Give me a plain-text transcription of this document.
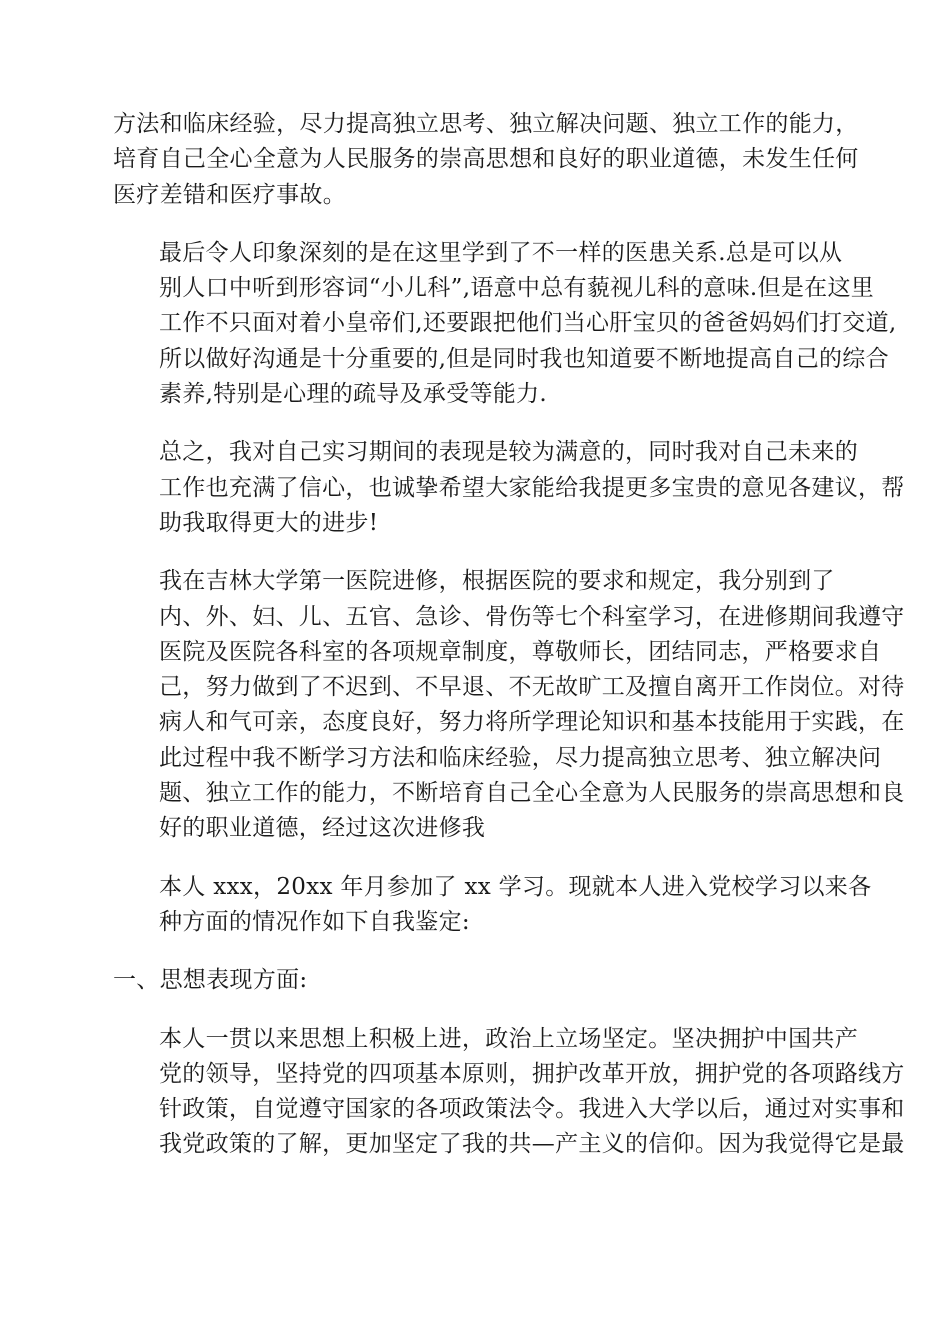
方法和临床经验，尽力提高独立思考、独立解决问题、独立工作的能力，
培育自己全心全意为人民服务的崇高思想和良好的职业道德，未发生任何
医疗差错和医疗事故。
最后令人印象深刻的是在这里学到了不一样的医患关系.总是可以从
别人口中听到形容词“小儿科”,语意中总有藐视儿科的意味.但是在这里
工作不只面对着小皇帝们,还要跟把他们当心肝宝贝的爸爸妈妈们打交道,
所以做好沟通是十分重要的,但是同时我也知道要不断地提高自己的综合
素养,特别是心理的疏导及承受等能力.
总之，我对自己实习期间的表现是较为满意的，同时我对自己未来的
工作也充满了信心，也诚挚希望大家能给我提更多宝贵的意见各建议，帮
助我取得更大的进步!
我在吉林大学第一医院进修，根据医院的要求和规定，我分别到了
内、外、妇、儿、五官、急诊、骨伤等七个科室学习，在进修期间我遵守
医院及医院各科室的各项规章制度，尊敬师长，团结同志，严格要求自
己，努力做到了不迟到、不早退、不无故旷工及擅自离开工作岗位。对待
病人和气可亲，态度良好，努力将所学理论知识和基本技能用于实践，在
此过程中我不断学习方法和临床经验，尽力提高独立思考、独立解决问
题、独立工作的能力，不断培育自己全心全意为人民服务的崇高思想和良
好的职业道德，经过这次进修我
本人 xxx，20xx 年月参加了 xx 学习。现就本人进入党校学习以来各
种方面的情况作如下自我鉴定:
一、思想表现方面:
本人一贯以来思想上积极上进，政治上立场坚定。坚决拥护中国共产
党的领导，坚持党的四项基本原则，拥护改革开放，拥护党的各项路线方
针政策，自觉遵守国家的各项政策法令。我进入大学以后，通过对实事和
我党政策的了解，更加坚定了我的共—产主义的信仰。因为我觉得它是最
